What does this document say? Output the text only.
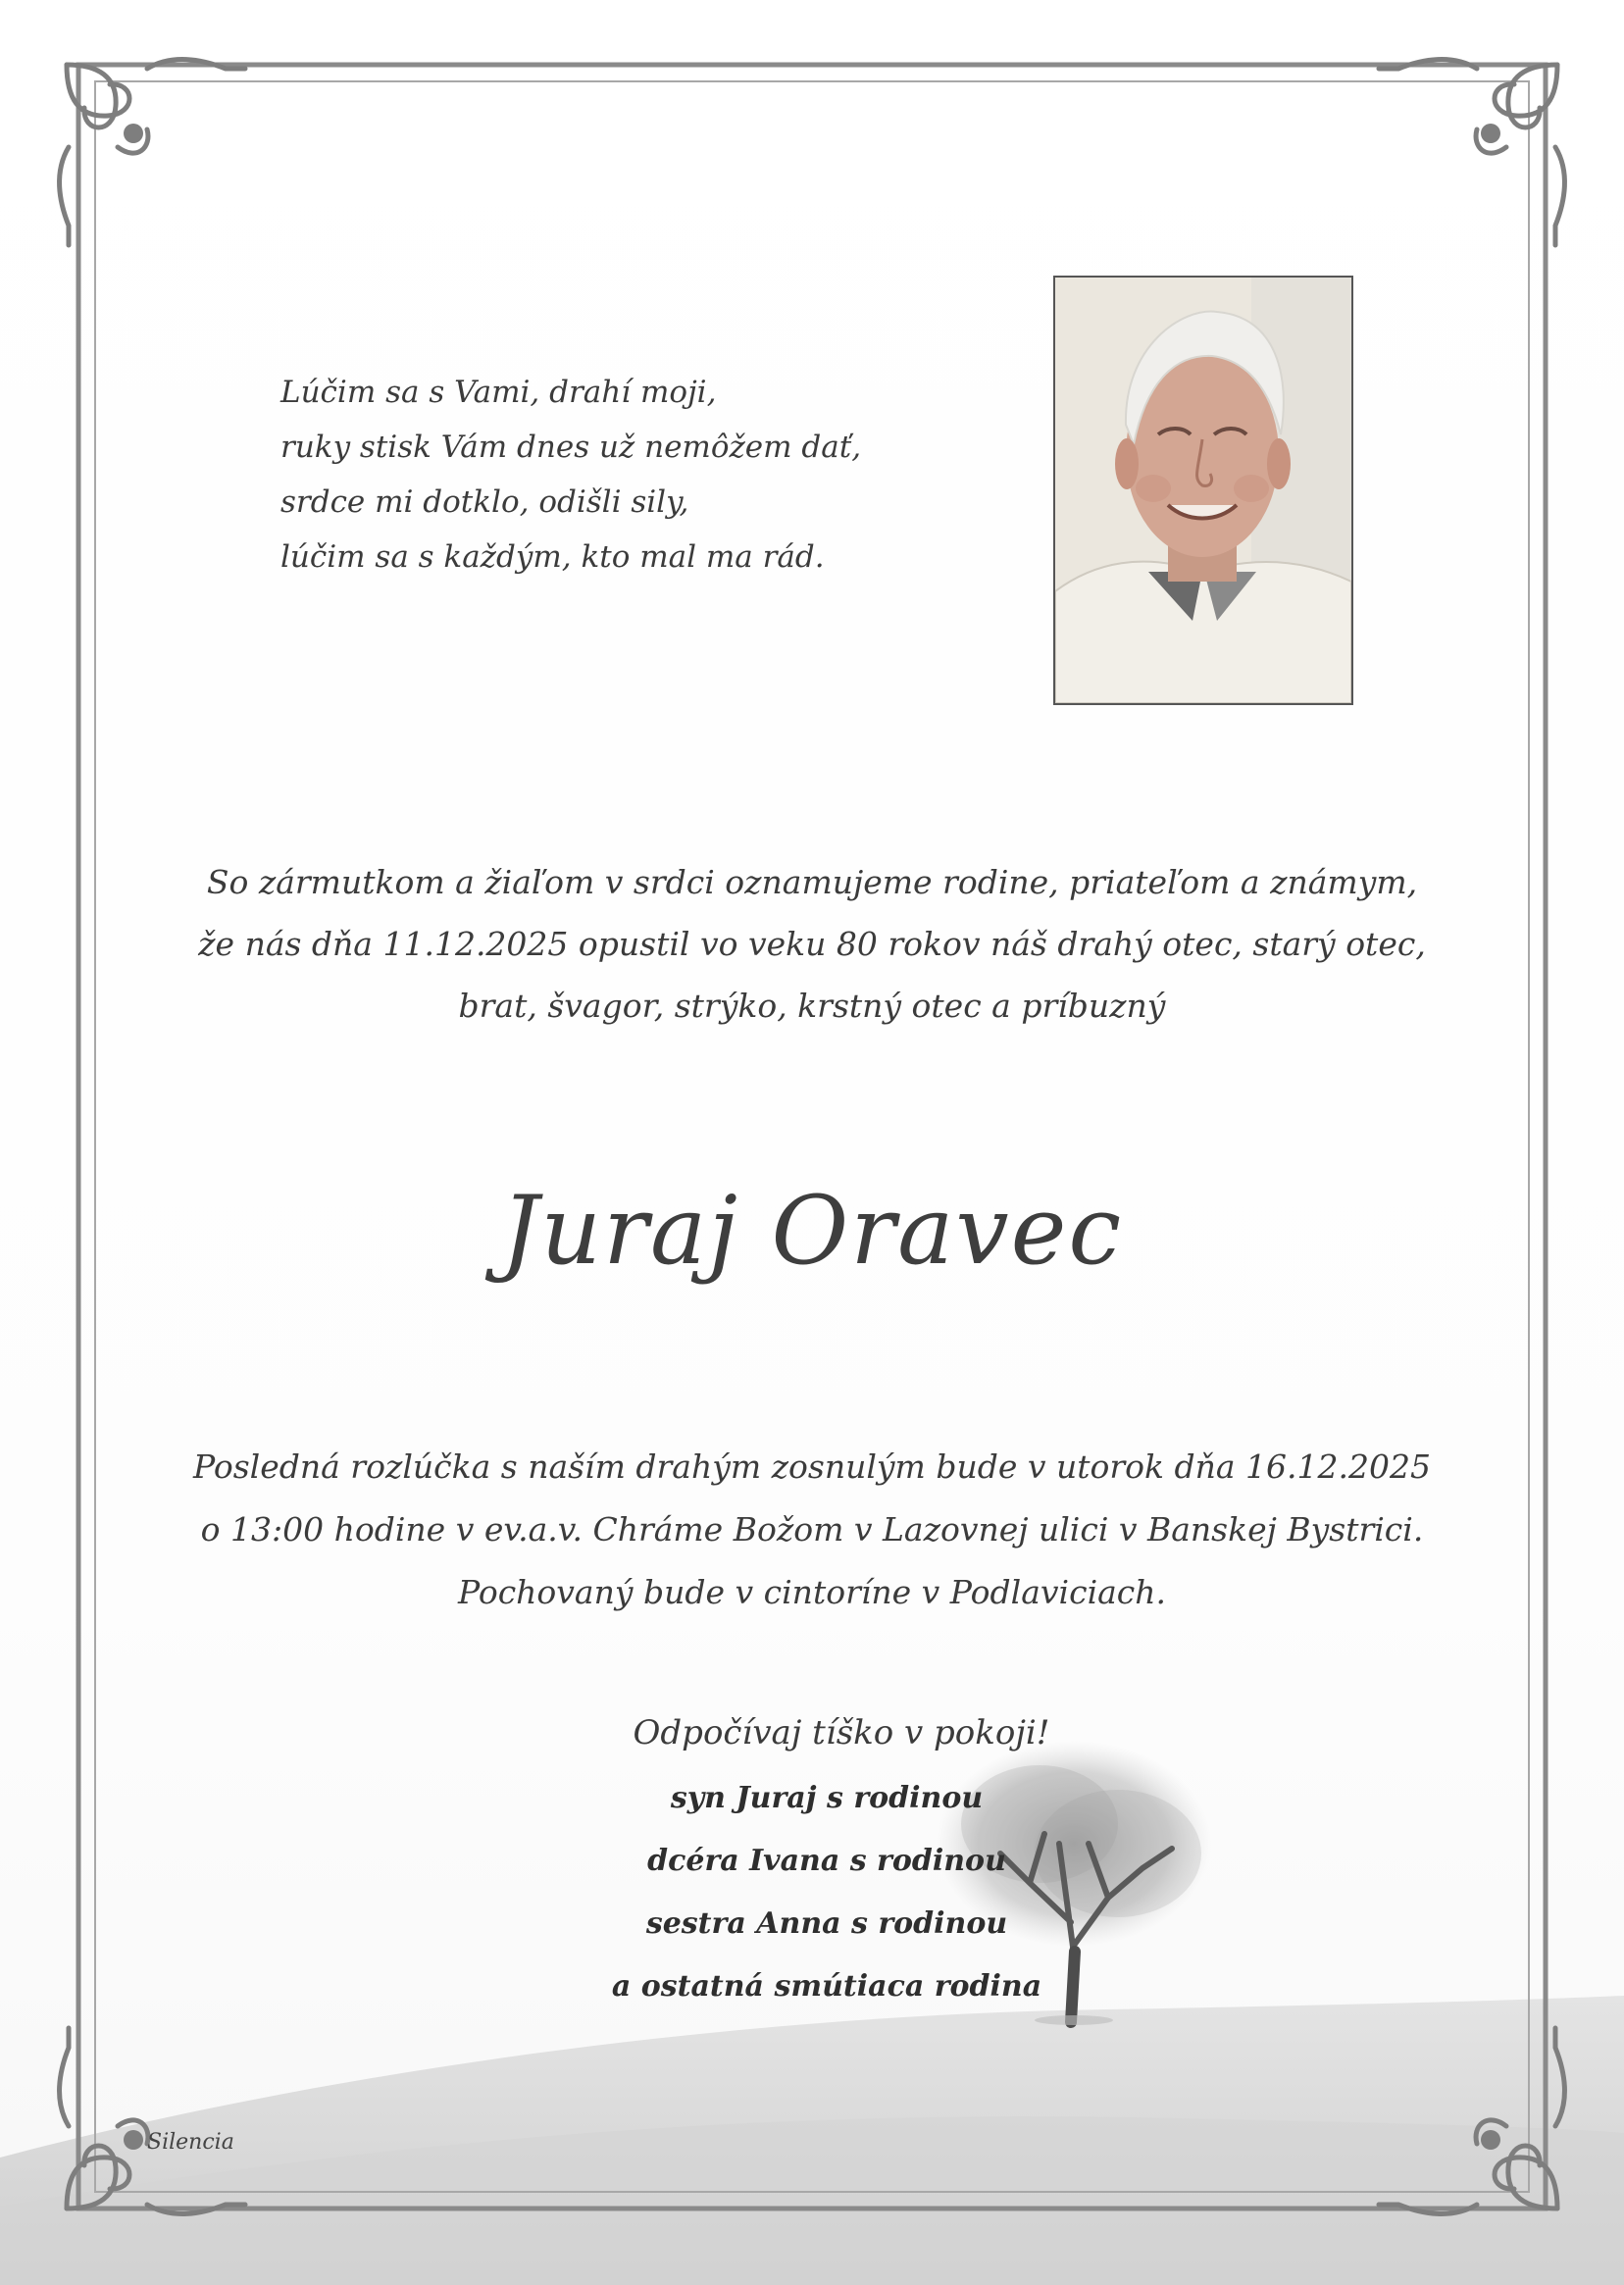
Lúčim sa s Vami, drahí moji,
ruky stisk Vám dnes už nemôžem dať,
srdce mi dotklo, odišli sily,
lúčim sa s každým, kto mal ma rád.
So zármutkom a žiaľom v srdci oznamujeme rodine, priateľom a známym,
že nás dňa 11.12.2025 opustil vo veku 80 rokov náš drahý otec, starý otec,
brat, švagor, strýko, krstný otec a príbuzný
Juraj Oravec
Posledná rozlúčka s naším drahým zosnulým bude v utorok dňa 16.12.2025
o 13:00 hodine v ev.a.v. Chráme Božom v Lazovnej ulici v Banskej Bystrici.
Pochovaný bude v cintoríne v Podlaviciach.
Odpočívaj tíško v pokoji!
syn Juraj s rodinou
dcéra Ivana s rodinou
sestra Anna s rodinou
a ostatná smútiaca rodina
Silencia
